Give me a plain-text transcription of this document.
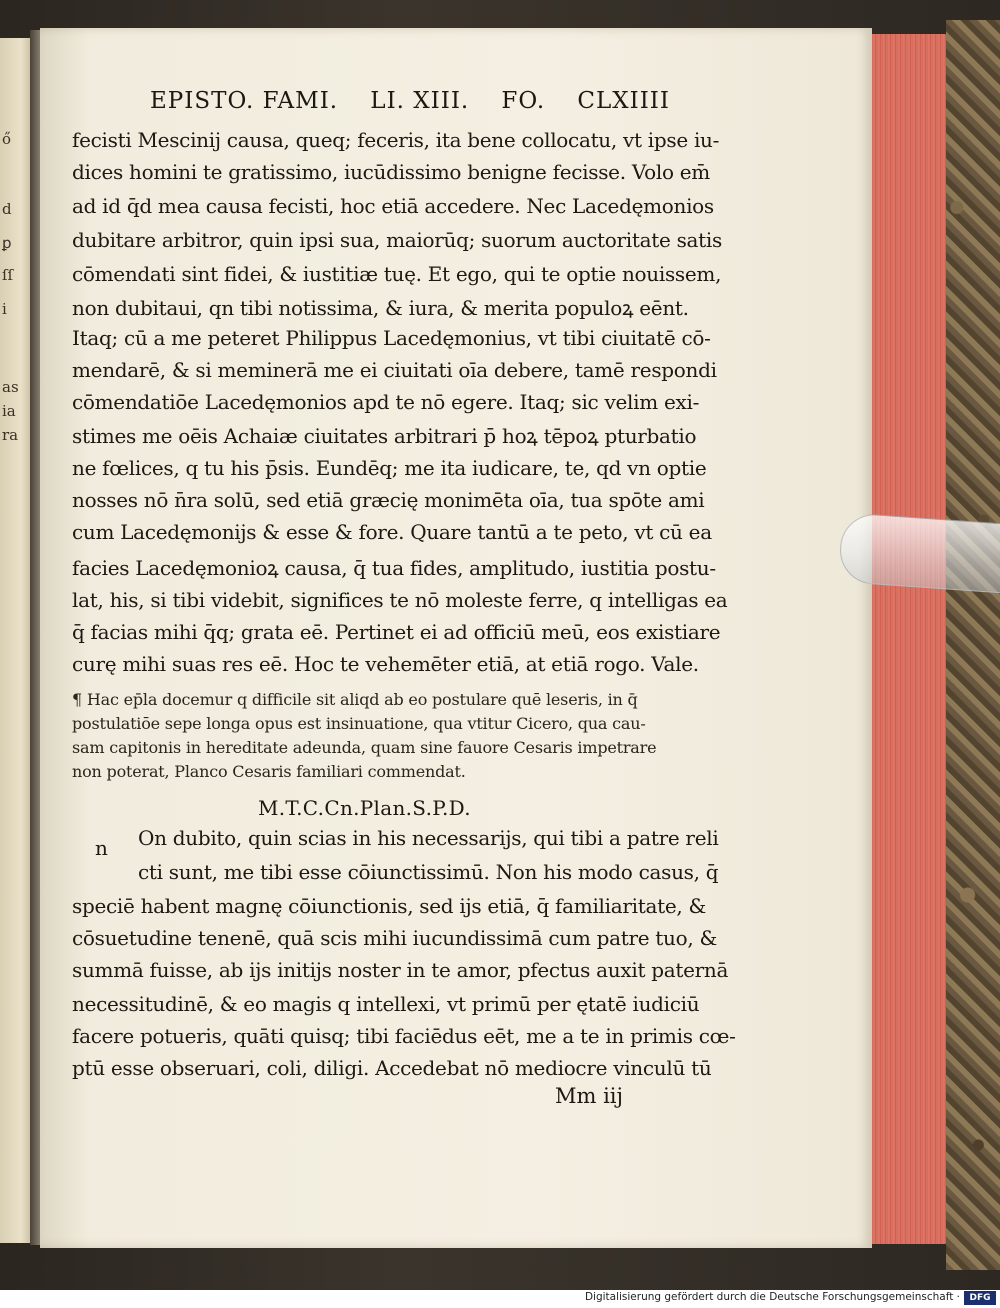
ő
d
ꝑ
ſſ
i
as
ia
ra
EPISTO. FAMI. LI. XIII. FO. CLXIIII
fecisti Mescinij causa, queq; feceris, ita bene collocatu, vt ipse iu-
dices homini te gratissimo, iucūdissimo benigne fecisse. Volo em̄
ad id q̄d mea causa fecisti, hoc etiā accedere. Nec Lacedęmonios
dubitare arbitror, quin ipsi sua, maiorūq; suorum auctoritate satis
cōmendati sint fidei, & iustitiæ tuę. Et ego, qui te optie nouissem,
non dubitaui, qn tibi notissima, & iura, & merita populoꝝ eēnt.
Itaq; cū a me peteret Philippus Lacedęmonius, vt tibi ciuitatē cō-
mendarē, & si meminerā me ei ciuitati oīa debere, tamē respondi
cōmendatiōe Lacedęmonios apd te nō egere. Itaq; sic velim exi-
stimes me oēis Achaiæ ciuitates arbitrari p̄ hoꝝ tēpoꝝ pturbatio
ne fœlices, q tu his p̄sis. Eundēq; me ita iudicare, te, qd vn optie
nosses nō n̄ra solū, sed etiā græcię monimēta oīa, tua spōte ami
cum Lacedęmonijs & esse & fore. Quare tantū a te peto, vt cū ea
facies Lacedęmonioꝝ causa, q̄ tua fides, amplitudo, iustitia postu-
lat, his, si tibi videbit, significes te nō moleste ferre, q intelligas ea
q̄ facias mihi q̄q; grata eē. Pertinet ei ad officiū meū, eos existiare
curę mihi suas res eē. Hoc te vehemēter etiā, at etiā rogo. Vale.
¶ Hac ep̄la docemur q difficile sit aliqd ab eo postulare quē leseris, in q̄
postulatiōe sepe longa opus est insinuatione, qua vtitur Cicero, qua cau-
sam capitonis in hereditate adeunda, quam sine fauore Cesaris impetrare
non poterat, Planco Cesaris familiari commendat.
M.T.C.Cn.Plan.S.P.D.
n On dubito, quin scias in his necessarijs, qui tibi a patre reli
cti sunt, me tibi esse cōiunctissimū. Non his modo casus, q̄
speciē habent magnę cōiunctionis, sed ijs etiā, q̄ familiaritate, &
cōsuetudine tenenē, quā scis mihi iucundissimā cum patre tuo, &
summā fuisse, ab ijs initijs noster in te amor, pfectus auxit paternā
necessitudinē, & eo magis q intellexi, vt primū per ętatē iudiciū
facere potueris, quāti quisq; tibi faciēdus eēt, me a te in primis cœ-
ptū esse obseruari, coli, diligi. Accedebat nō mediocre vinculū tū
Mm iij
Digitalisierung gefördert durch die Deutsche Forschungsgemeinschaft ·	DFG
